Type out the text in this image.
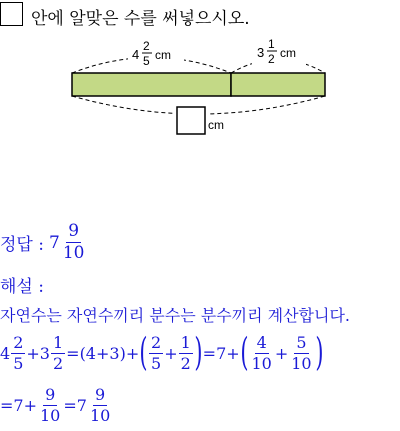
안에 알맞은 수를 써넣으시오.
4
2
5 cm	3
1
2 cm
cm
정답 : $7 \frac{9}{10}$
해설 :
자연수는 자연수끼리 분수는 분수끼리 계산합니다.
$4 \frac{2}{5} + 3 \frac{1}{2} = (4+3)$ + ( $\frac{2}{5} + \frac{1}{2}$ ) = 7 + ( $\frac{4}{10} + \frac{5}{10}$ )
= $7 + \frac{9}{10} = 7 \frac{9}{10}$
